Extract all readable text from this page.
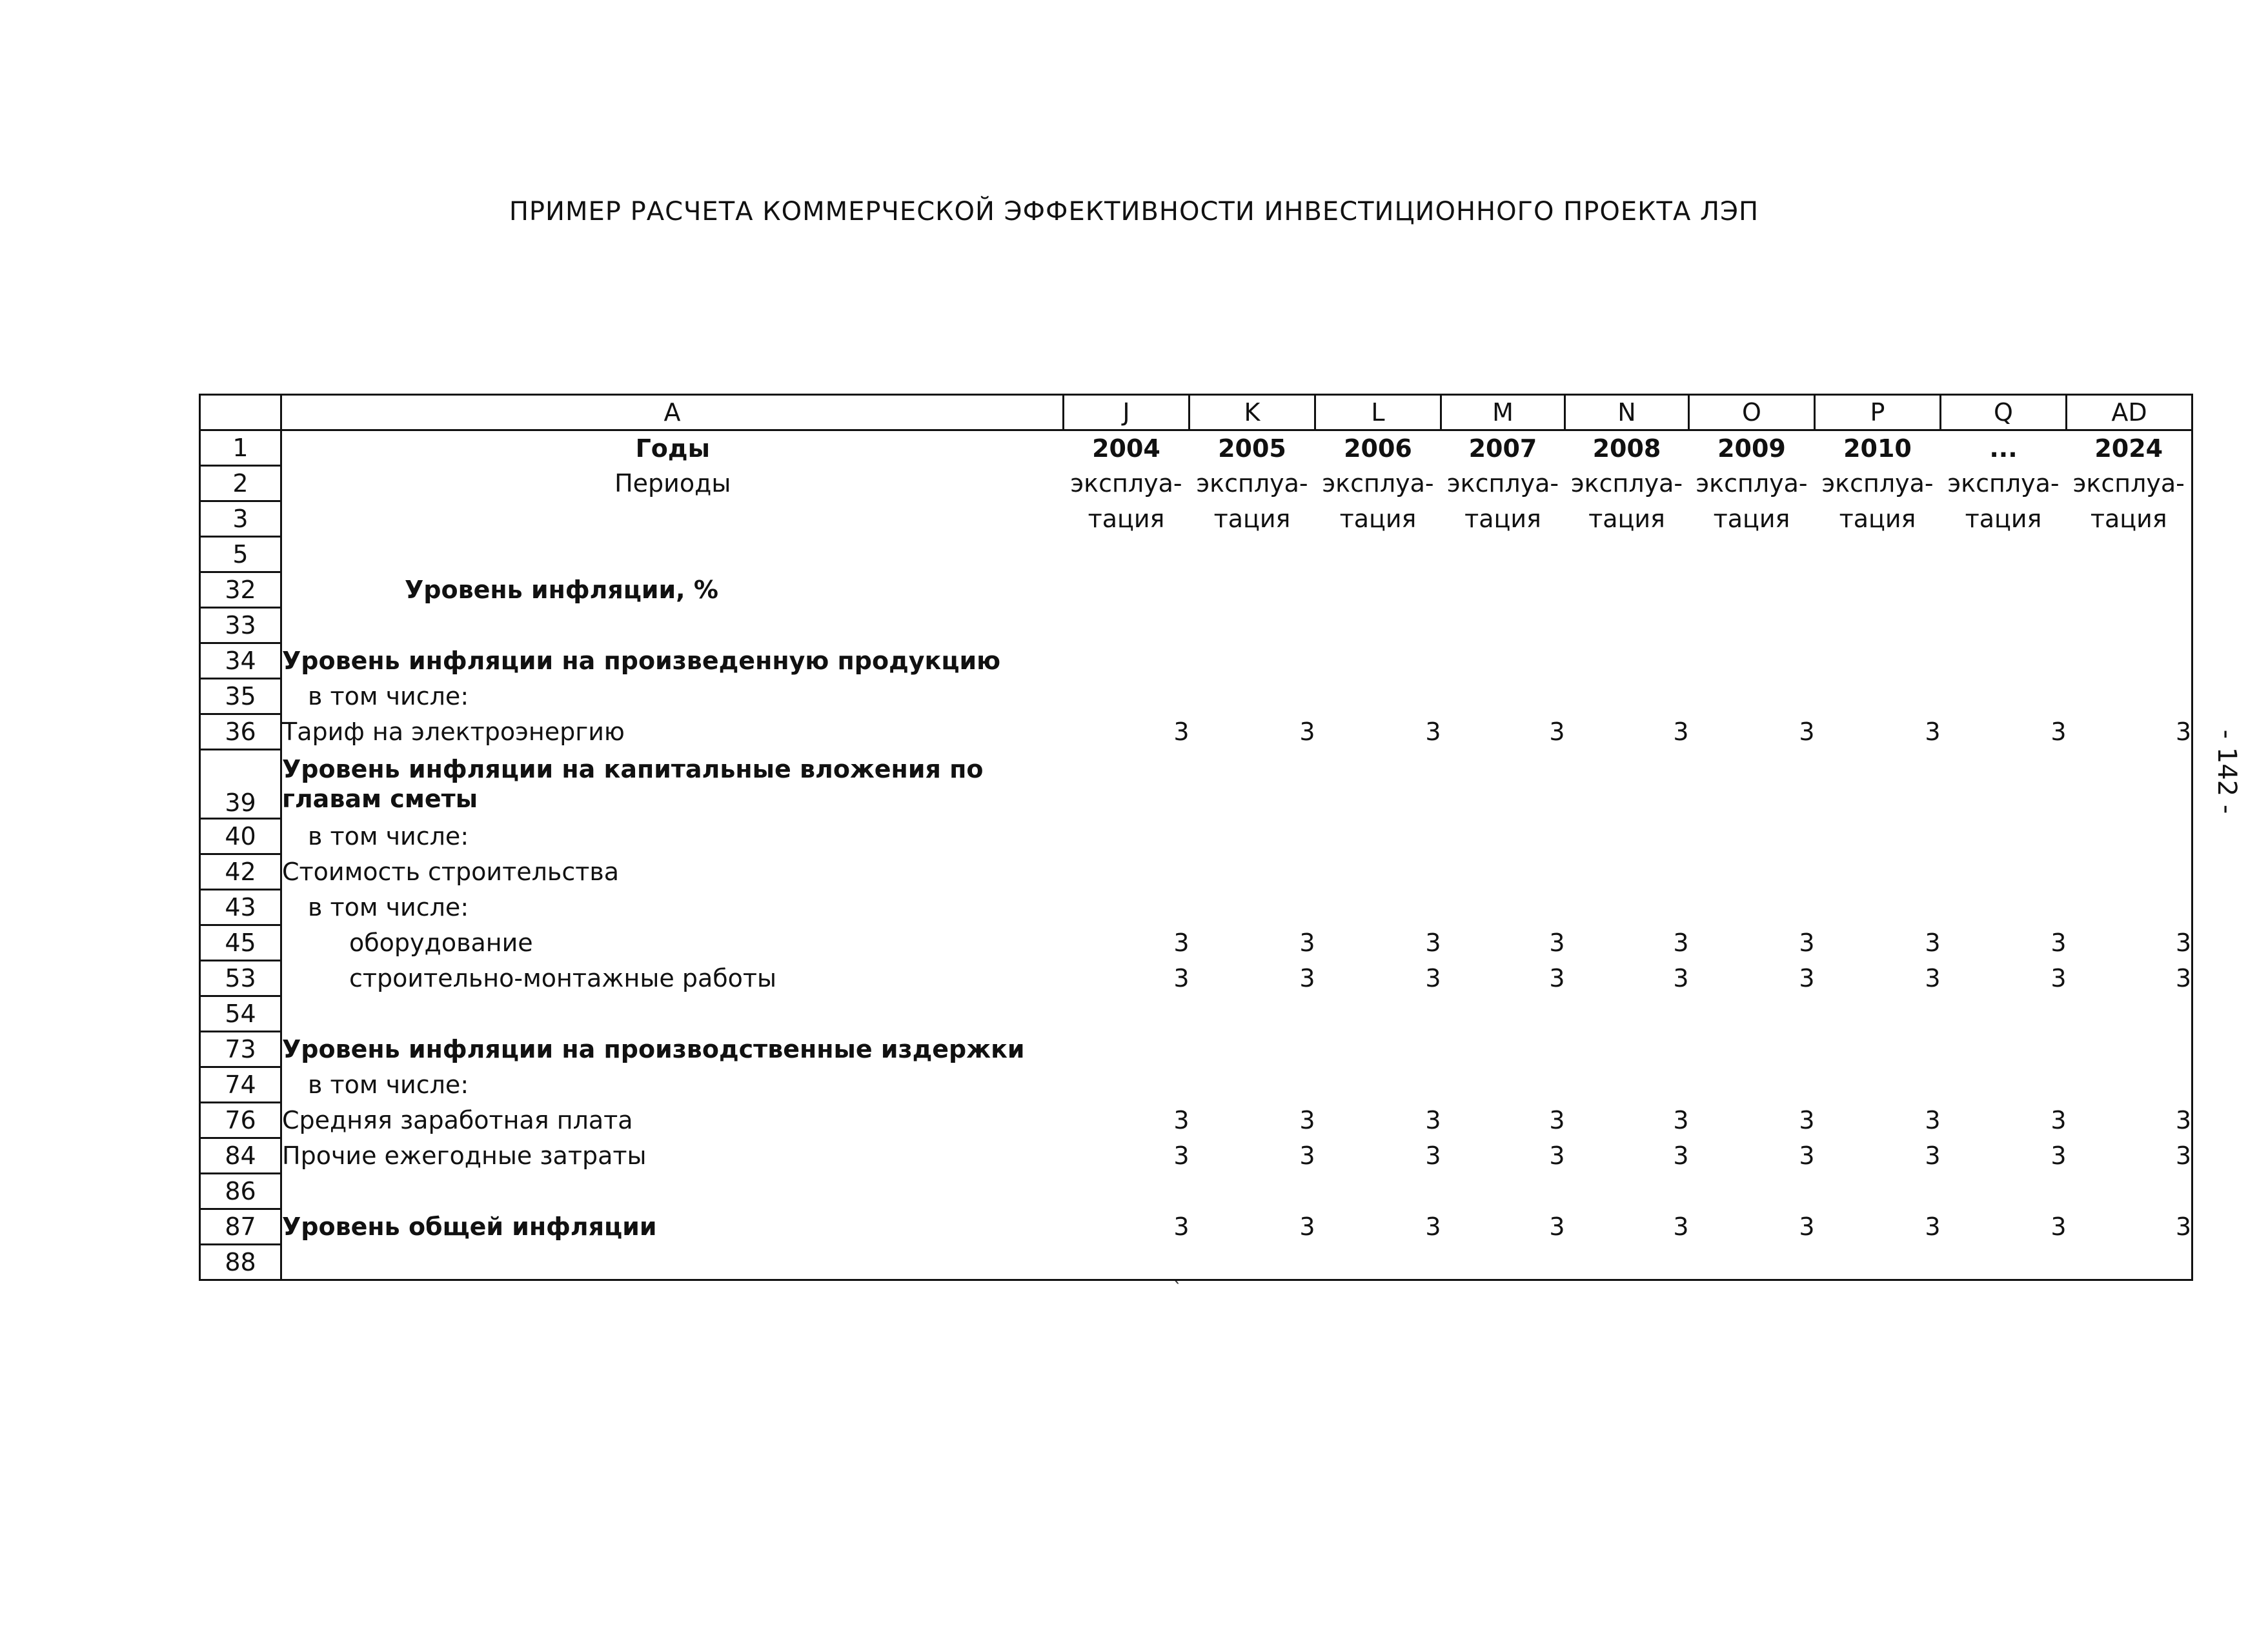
ПРИМЕР РАСЧЕТА КОММЕРЧЕСКОЙ ЭФФЕКТИВНОСТИ ИНВЕСТИЦИОННОГО ПРОЕКТА ЛЭП
- 142 -
`
	A	J	K	L	M	N	O	P	Q	AD
1	Годы	2004	2005	2006	2007	2008	2009	2010	...	2024
2	Периоды	эксплуа-	эксплуа-	эксплуа-	эксплуа-	эксплуа-	эксплуа-	эксплуа-	эксплуа-	эксплуа-
3		тация	тация	тация	тация	тация	тация	тация	тация	тация
5										
32	Уровень инфляции, %									
33										
34	Уровень инфляции на произведенную продукцию									
35	в том числе:									
36	Тариф на электроэнергию	3	3	3	3	3	3	3	3	3
39	Уровень инфляции на капитальные вложения по
главам сметы									

40	в том числе:									
42	Стоимость строительства									
43	в том числе:									
45	оборудование	3	3	3	3	3	3	3	3	3
53	строительно-монтажные работы	3	3	3	3	3	3	3	3	3
54										
73	Уровень инфляции на производственные издержки									
74	в том числе:									
76	Средняя заработная плата	3	3	3	3	3	3	3	3	3
84	Прочие ежегодные затраты	3	3	3	3	3	3	3	3	3
86										
87	Уровень общей инфляции	3	3	3	3	3	3	3	3	3
88										
